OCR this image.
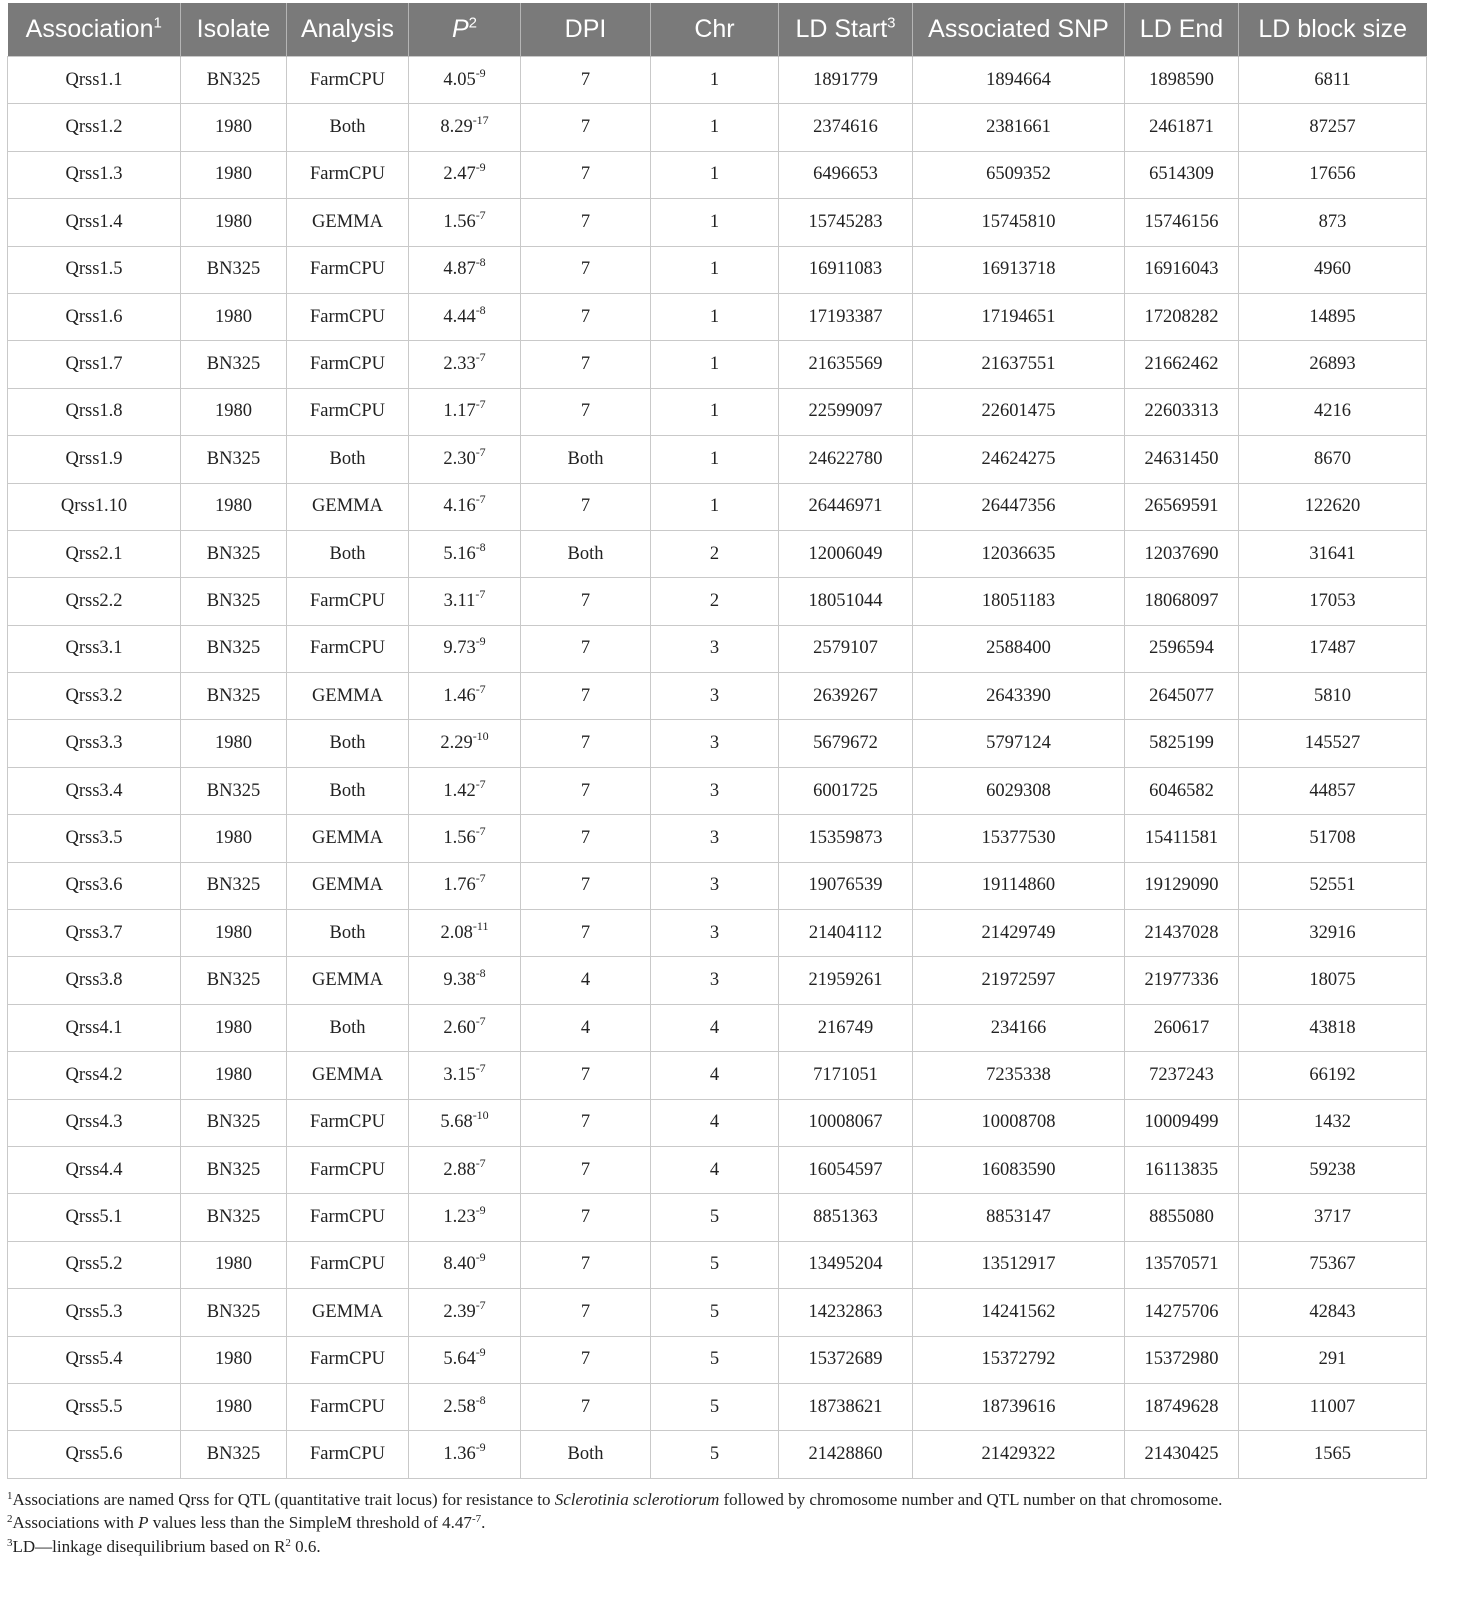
Association$^1$	Isolate	Analysis	$P^2$	DPI	Chr	LD Start$^3$	Associated SNP	LD End	LD block size
Qrss1.1	BN325	FarmCPU	$4.05^{-9}$	7	1	1891779	1894664	1898590	6811
Qrss1.2	1980	Both	$8.29^{-17}$	7	1	2374616	2381661	2461871	87257
Qrss1.3	1980	FarmCPU	$2.47^{-9}$	7	1	6496653	6509352	6514309	17656
Qrss1.4	1980	GEMMA	$1.56^{-7}$	7	1	15745283	15745810	15746156	873
Qrss1.5	BN325	FarmCPU	$4.87^{-8}$	7	1	16911083	16913718	16916043	4960
Qrss1.6	1980	FarmCPU	$4.44^{-8}$	7	1	17193387	17194651	17208282	14895
Qrss1.7	BN325	FarmCPU	$2.33^{-7}$	7	1	21635569	21637551	21662462	26893
Qrss1.8	1980	FarmCPU	$1.17^{-7}$	7	1	22599097	22601475	22603313	4216
Qrss1.9	BN325	Both	$2.30^{-7}$	Both	1	24622780	24624275	24631450	8670
Qrss1.10	1980	GEMMA	$4.16^{-7}$	7	1	26446971	26447356	26569591	122620
Qrss2.1	BN325	Both	$5.16^{-8}$	Both	2	12006049	12036635	12037690	31641
Qrss2.2	BN325	FarmCPU	$3.11^{-7}$	7	2	18051044	18051183	18068097	17053
Qrss3.1	BN325	FarmCPU	$9.73^{-9}$	7	3	2579107	2588400	2596594	17487
Qrss3.2	BN325	GEMMA	$1.46^{-7}$	7	3	2639267	2643390	2645077	5810
Qrss3.3	1980	Both	$2.29^{-10}$	7	3	5679672	5797124	5825199	145527
Qrss3.4	BN325	Both	$1.42^{-7}$	7	3	6001725	6029308	6046582	44857
Qrss3.5	1980	GEMMA	$1.56^{-7}$	7	3	15359873	15377530	15411581	51708
Qrss3.6	BN325	GEMMA	$1.76^{-7}$	7	3	19076539	19114860	19129090	52551
Qrss3.7	1980	Both	$2.08^{-11}$	7	3	21404112	21429749	21437028	32916
Qrss3.8	BN325	GEMMA	$9.38^{-8}$	4	3	21959261	21972597	21977336	18075
Qrss4.1	1980	Both	$2.60^{-7}$	4	4	216749	234166	260617	43818
Qrss4.2	1980	GEMMA	$3.15^{-7}$	7	4	7171051	7235338	7237243	66192
Qrss4.3	BN325	FarmCPU	$5.68^{-10}$	7	4	10008067	10008708	10009499	1432
Qrss4.4	BN325	FarmCPU	$2.88^{-7}$	7	4	16054597	16083590	16113835	59238
Qrss5.1	BN325	FarmCPU	$1.23^{-9}$	7	5	8851363	8853147	8855080	3717
Qrss5.2	1980	FarmCPU	$8.40^{-9}$	7	5	13495204	13512917	13570571	75367
Qrss5.3	BN325	GEMMA	$2.39^{-7}$	7	5	14232863	14241562	14275706	42843
Qrss5.4	1980	FarmCPU	$5.64^{-9}$	7	5	15372689	15372792	15372980	291
Qrss5.5	1980	FarmCPU	$2.58^{-8}$	7	5	18738621	18739616	18749628	11007
Qrss5.6	BN325	FarmCPU	$1.36^{-9}$	Both	5	21428860	21429322	21430425	1565
$^1$Associations are named Qrss for QTL (quantitative trait locus) for resistance to Sclerotinia sclerotiorum followed by chromosome number and QTL number on that chromosome.
$^2$Associations with P values less than the SimpleM threshold of $4.47^{-7}$.
$^3$LD—linkage disequilibrium based on $R^2$ 0.6.
